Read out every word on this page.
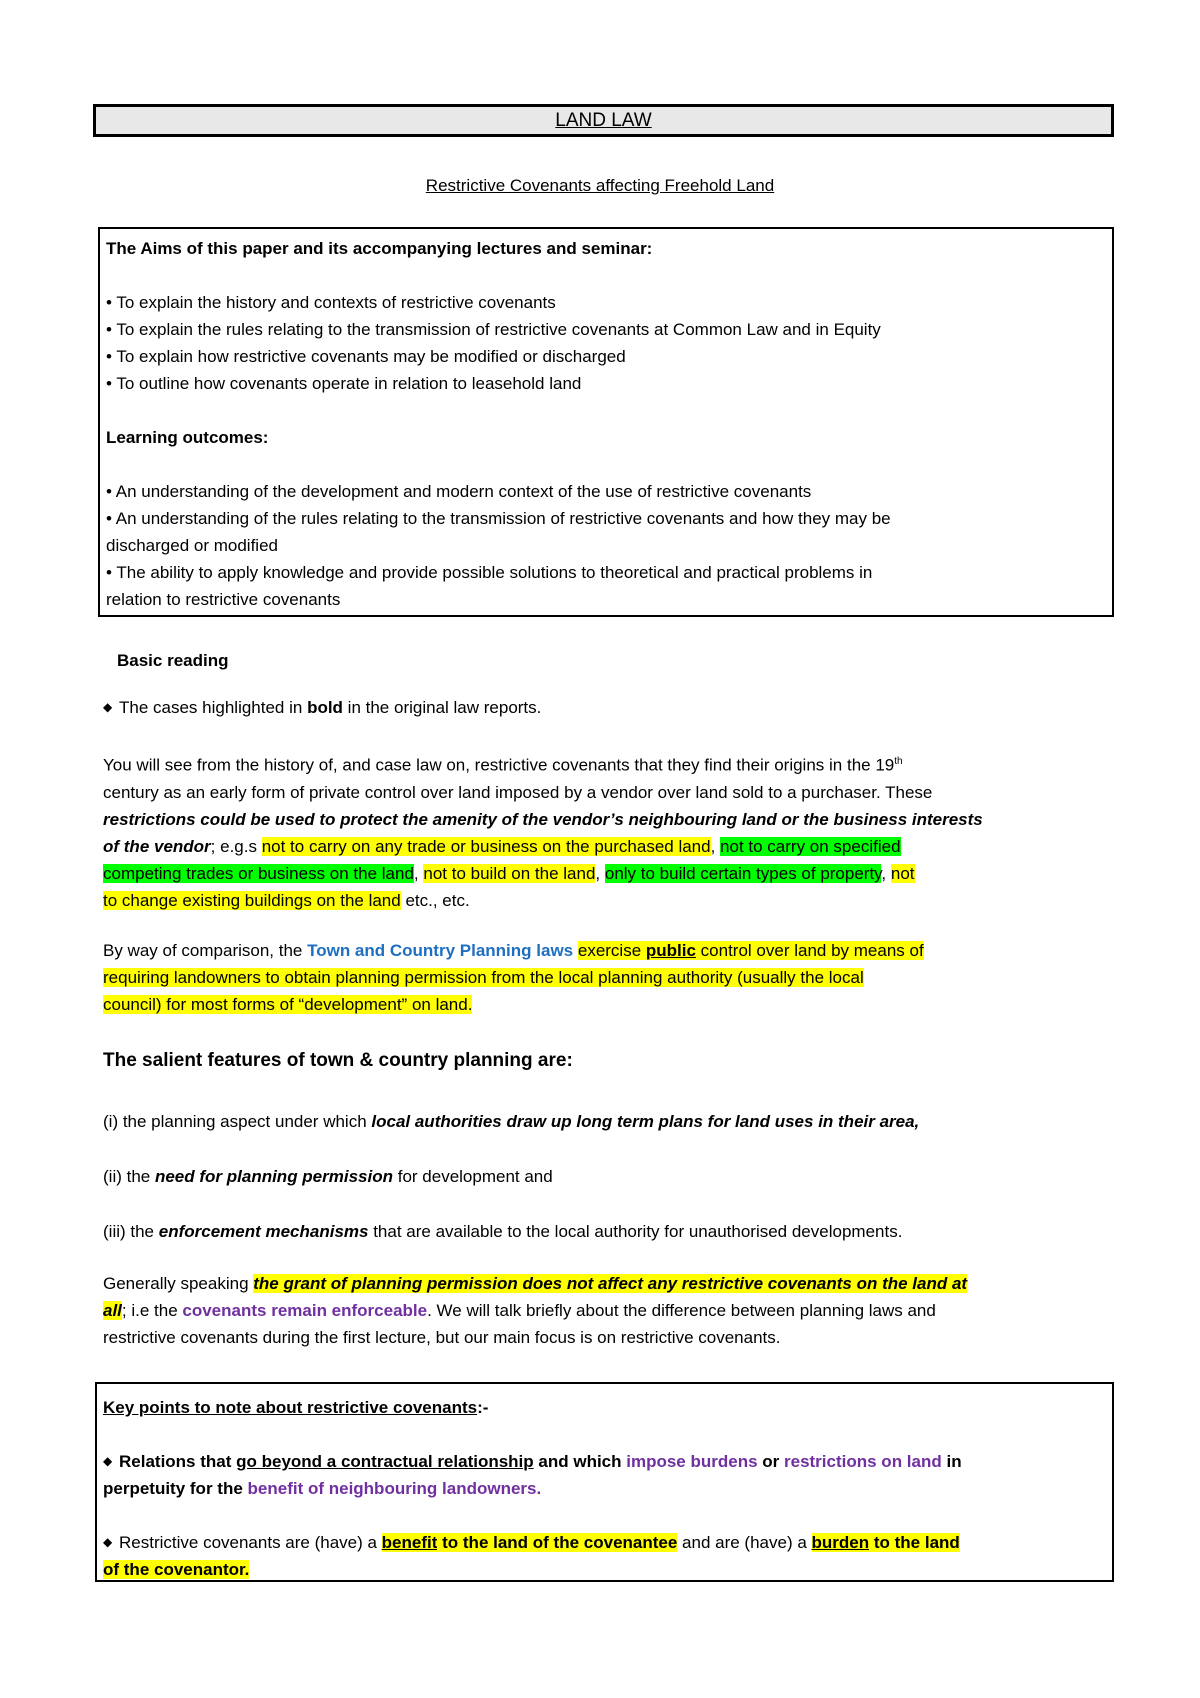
LAND LAW
Restrictive Covenants affecting Freehold Land

The Aims of this paper and its accompanying lectures and seminar:

• To explain the history and contexts of restrictive covenants

• To explain the rules relating to the transmission of restrictive covenants at Common Law and in Equity

• To explain how restrictive covenants may be modified or discharged

• To outline how covenants operate in relation to leasehold land

Learning outcomes:

• An understanding of the development and modern context of the use of restrictive covenants

• An understanding of the rules relating to the transmission of restrictive covenants and how they may be

discharged or modified

• The ability to apply knowledge and provide possible solutions to theoretical and practical problems in

relation to restrictive covenants

Basic reading
◆ The cases highlighted in bold in the original law reports.
You will see from the history of, and case law on, restrictive covenants that they find their origins in the 19th
century as an early form of private control over land imposed by a vendor over land sold to a purchaser. These
restrictions could be used to protect the amenity of the vendor’s neighbouring land or the business interests
of the vendor; e.g.s not to carry on any trade or business on the purchased land, not to carry on specified
competing trades or business on the land, not to build on the land, only to build certain types of property, not
to change existing buildings on the land etc., etc.
By way of comparison, the Town and Country Planning laws exercise public control over land by means of
requiring landowners to obtain planning permission from the local planning authority (usually the local
council) for most forms of “development” on land.
The salient features of town & country planning are:
(i) the planning aspect under which local authorities draw up long term plans for land uses in their area,
(ii) the need for planning permission for development and
(iii) the enforcement mechanisms that are available to the local authority for unauthorised developments.
Generally speaking the grant of planning permission does not affect any restrictive covenants on the land at
all; i.e the covenants remain enforceable. We will talk briefly about the difference between planning laws and
restrictive covenants during the first lecture, but our main focus is on restrictive covenants.

Key points to note about restrictive covenants:-

◆ Relations that go beyond a contractual relationship and which impose burdens or restrictions on land in

perpetuity for the benefit of neighbouring landowners.

◆ Restrictive covenants are (have) a benefit to the land of the covenantee and are (have) a burden to the land

of the covenantor.
